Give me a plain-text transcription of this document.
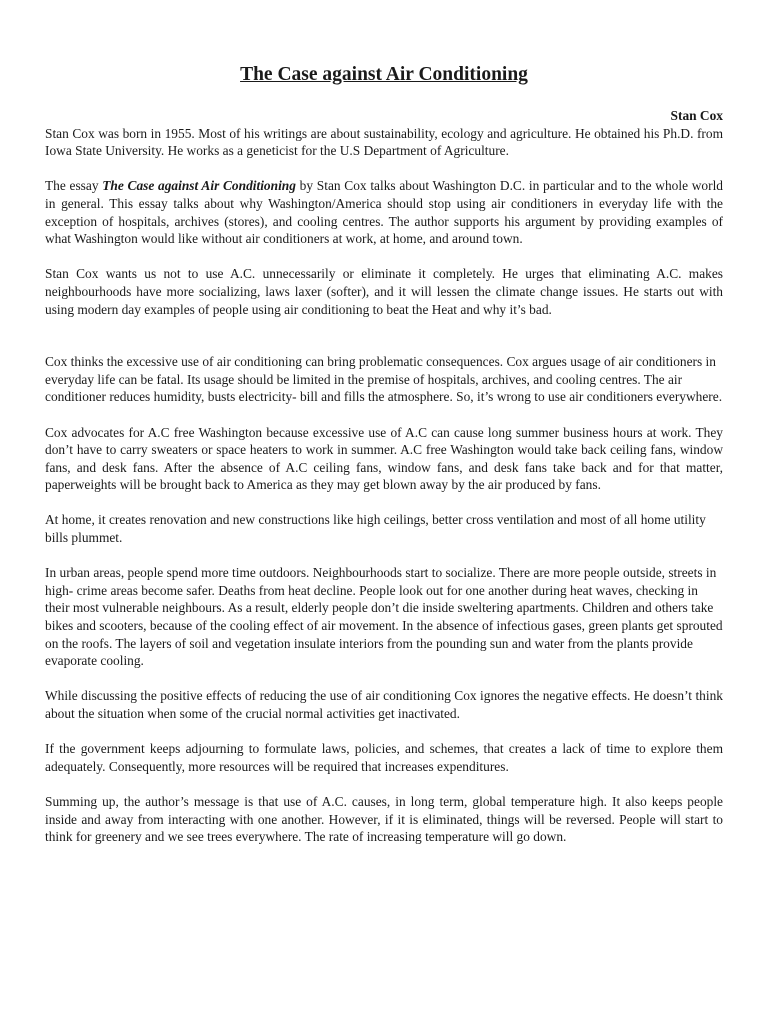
The Case against Air Conditioning
Stan Cox

Stan Cox was born in 1955. Most of his writings are about sustainability, ecology and agriculture. He obtained his Ph.D. from Iowa State University. He works as a geneticist for the U.S Department of Agriculture.

The essay The Case against Air Conditioning by Stan Cox talks about Washington D.C. in particular and to the whole world in general. This essay talks about why Washington/America should stop using air conditioners in everyday life with the exception of hospitals, archives (stores), and cooling centres. The author supports his argument by providing examples of what Washington would like without air conditioners at work, at home, and around town.

Stan Cox wants us not to use A.C. unnecessarily or eliminate it completely. He urges that eliminating A.C. makes neighbourhoods have more socializing, laws laxer (softer), and it will lessen the climate change issues. He starts out with using modern day examples of people using air conditioning to beat the Heat and why it’s bad.

Cox thinks the excessive use of air conditioning can bring problematic consequences. Cox argues usage of air conditioners in everyday life can be fatal. Its usage should be limited in the premise of hospitals, archives, and cooling centres. The air conditioner reduces humidity, busts electricity- bill and fills the atmosphere. So, it’s wrong to use air conditioners everywhere.

Cox advocates for A.C free Washington because excessive use of A.C can cause long summer business hours at work. They don’t have to carry sweaters or space heaters to work in summer. A.C free Washington would take back ceiling fans, window fans, and desk fans. After the absence of A.C ceiling fans, window fans, and desk fans take back and for that matter, paperweights will be brought back to America as they may get blown away by the air produced by fans.

At home, it creates renovation and new constructions like high ceilings, better cross ventilation and most of all home utility bills plummet.

In urban areas, people spend more time outdoors. Neighbourhoods start to socialize. There are more people outside, streets in high- crime areas become safer. Deaths from heat decline. People look out for one another during heat waves, checking in their most vulnerable neighbours. As a result, elderly people don’t die inside sweltering apartments. Children and others take bikes and scooters, because of the cooling effect of air movement. In the absence of infectious gases, green plants get sprouted on the roofs. The layers of soil and vegetation insulate interiors from the pounding sun and water from the plants provide evaporate cooling.

While discussing the positive effects of reducing the use of air conditioning Cox ignores the negative effects. He doesn’t think about the situation when some of the crucial normal activities get inactivated.

If the government keeps adjourning to formulate laws, policies, and schemes, that creates a lack of time to explore them adequately. Consequently, more resources will be required that increases expenditures.

Summing up, the author’s message is that use of A.C. causes, in long term, global temperature high. It also keeps people inside and away from interacting with one another. However, if it is eliminated, things will be reversed. People will start to think for greenery and we see trees everywhere. The rate of increasing temperature will go down.
